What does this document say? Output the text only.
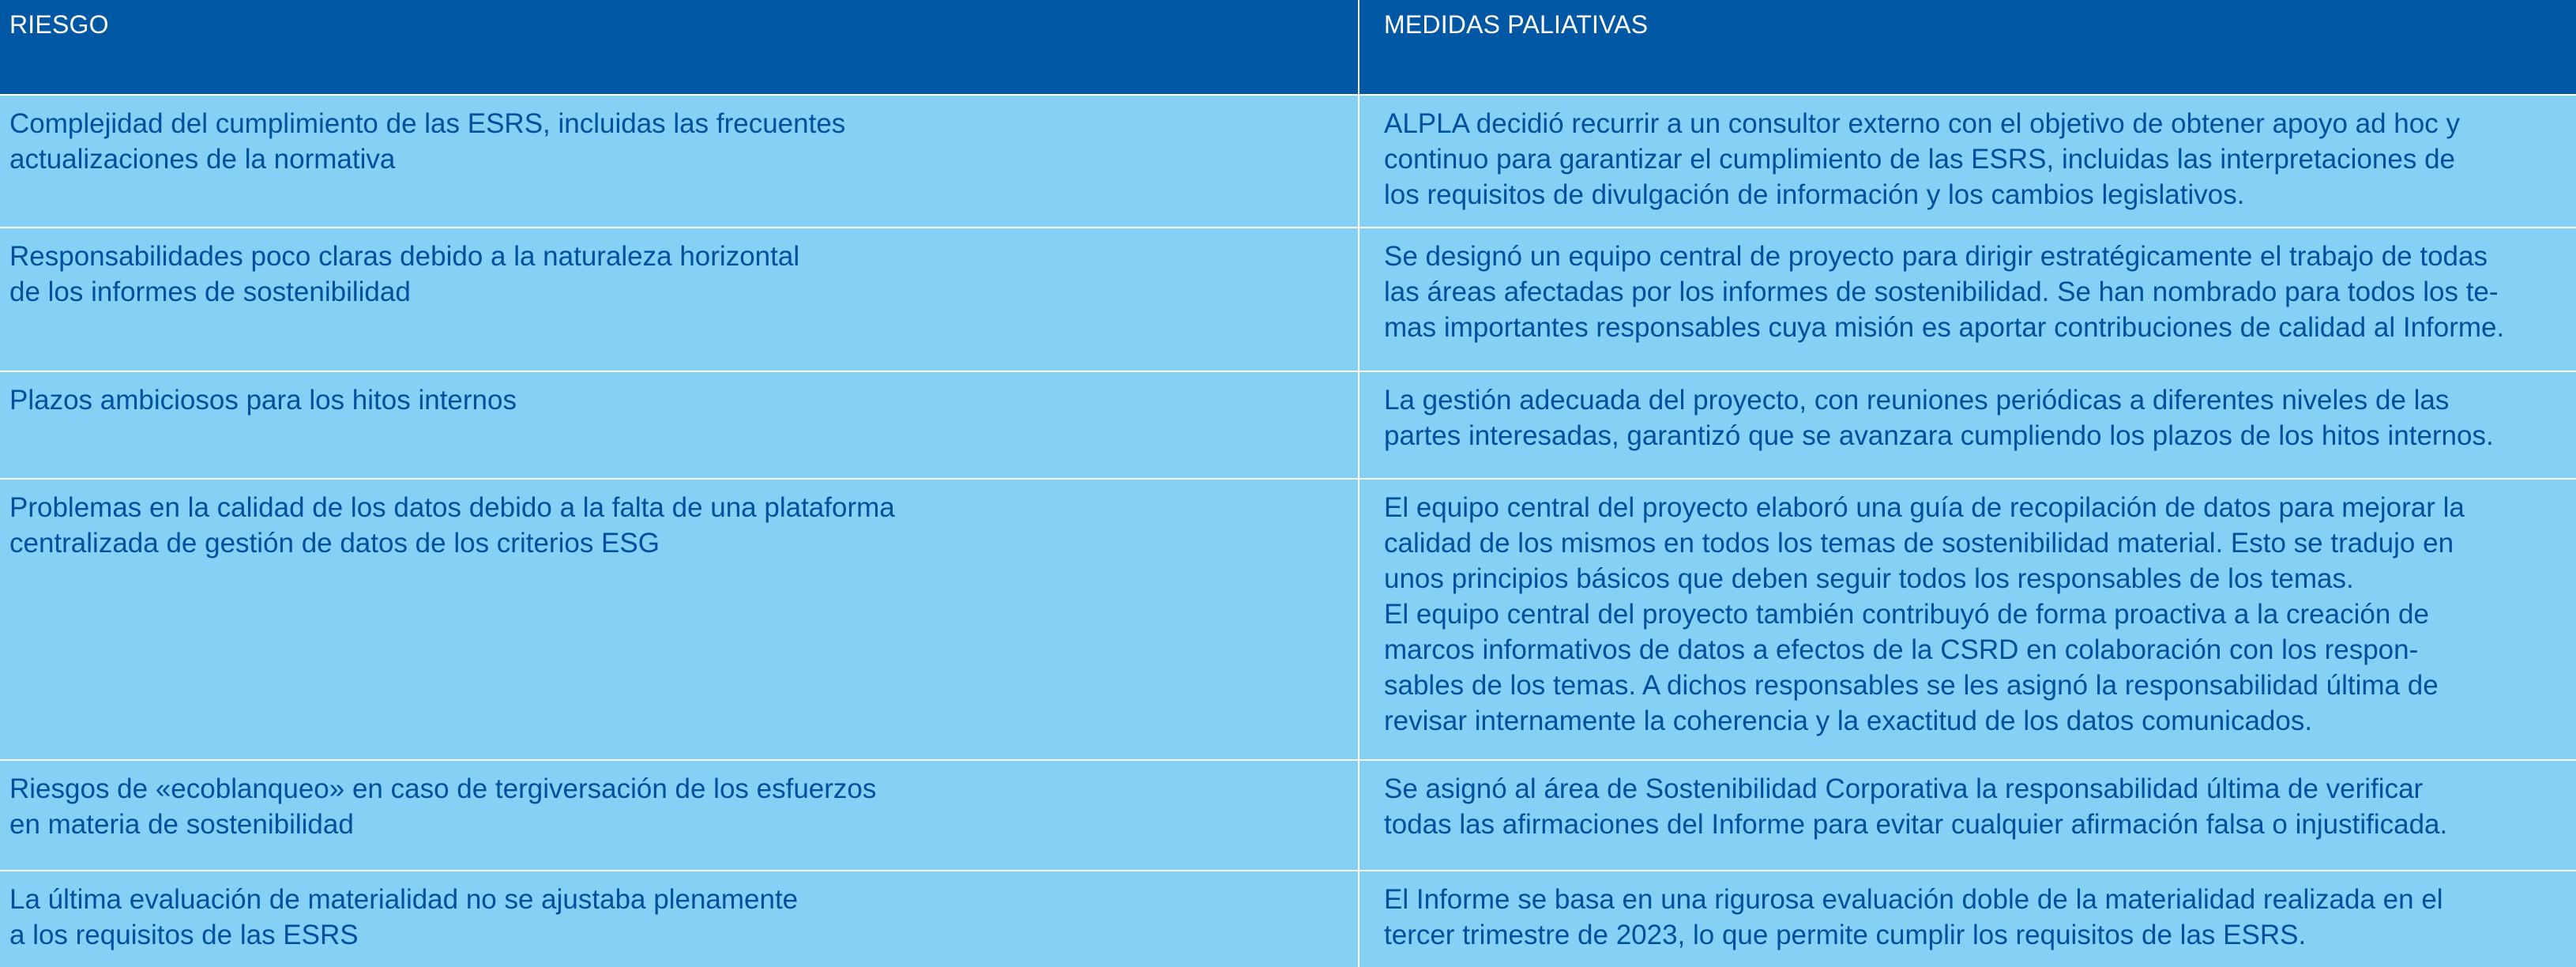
RIESGO	MEDIDAS PALIATIVAS
Complejidad del cumplimiento de las ESRS, incluidas las frecuentes
actualizaciones de la normativa
ALPLA decidió recurrir a un consultor externo con el objetivo de obtener apoyo ad hoc y
continuo para garantizar el cumplimiento de las ESRS, incluidas las interpretaciones de
los requisitos de divulgación de información y los cambios legislativos.
Responsabilidades poco claras debido a la naturaleza horizontal
de los informes de sostenibilidad
Se designó un equipo central de proyecto para dirigir estratégicamente el trabajo de todas
las áreas afectadas por los informes de sostenibilidad. Se han nombrado para todos los te-
mas importantes responsables cuya misión es aportar contribuciones de calidad al Informe.
Plazos ambiciosos para los hitos internos	La gestión adecuada del proyecto, con reuniones periódicas a diferentes niveles de las
partes interesadas, garantizó que se avanzara cumpliendo los plazos de los hitos internos.
Problemas en la calidad de los datos debido a la falta de una plataforma
centralizada de gestión de datos de los criterios ESG
El equipo central del proyecto elaboró una guía de recopilación de datos para mejorar la
calidad de los mismos en todos los temas de sostenibilidad material. Esto se tradujo en
unos principios básicos que deben seguir todos los responsables de los temas.
El equipo central del proyecto también contribuyó de forma proactiva a la creación de
marcos informativos de datos a efectos de la CSRD en colaboración con los respon-
sables de los temas. A dichos responsables se les asignó la responsabilidad última de
revisar internamente la coherencia y la exactitud de los datos comunicados.
Riesgos de «ecoblanqueo» en caso de tergiversación de los esfuerzos
en materia de sostenibilidad
Se asignó al área de Sostenibilidad Corporativa la responsabilidad última de verificar
todas las afirmaciones del Informe para evitar cualquier afirmación falsa o injustificada.
La última evaluación de materialidad no se ajustaba plenamente
a los requisitos de las ESRS
El Informe se basa en una rigurosa evaluación doble de la materialidad realizada en el
tercer trimestre de 2023, lo que permite cumplir los requisitos de las ESRS.
